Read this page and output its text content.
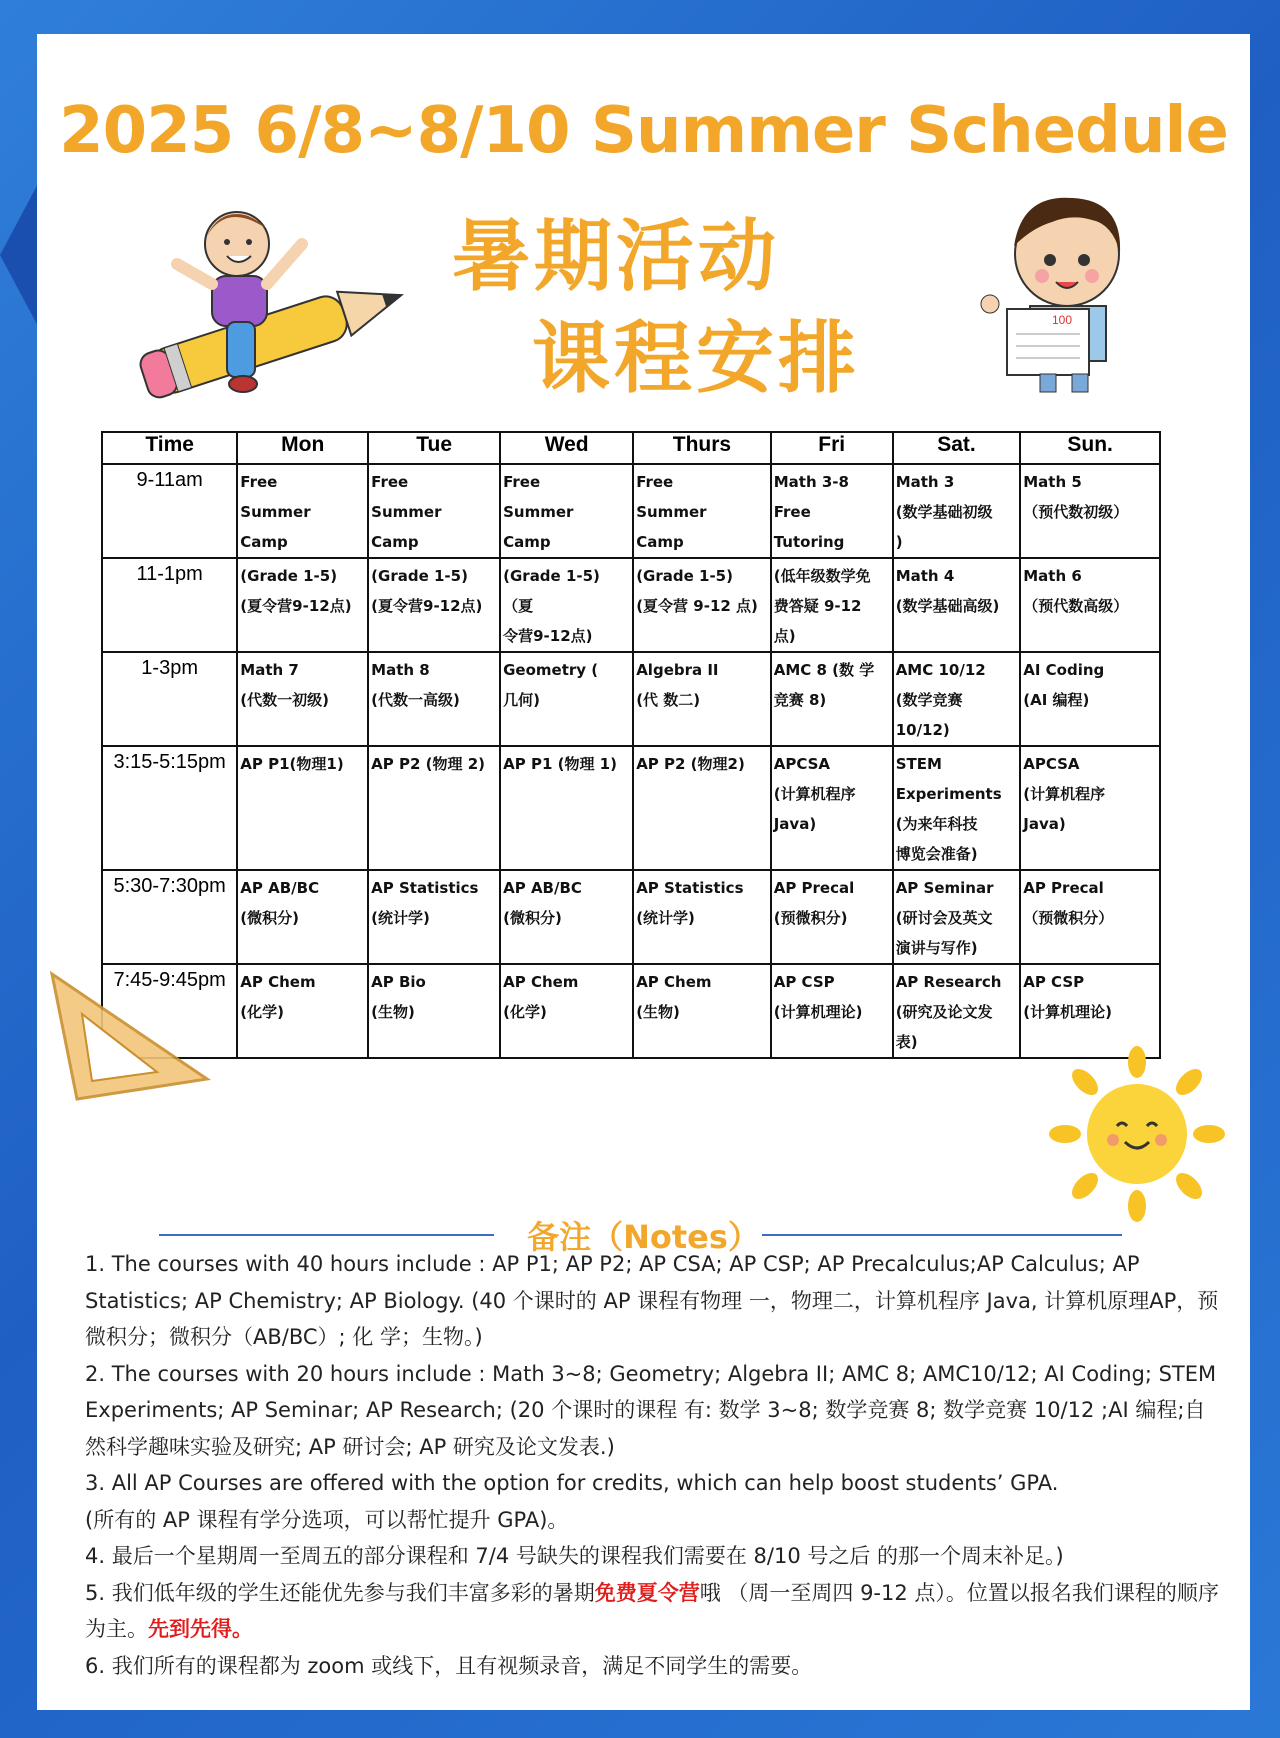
2025 6/8~8/10 Summer Schedule
暑期活动
课程安排	100
Time	Mon	Tue	Wed	Thurs	Fri	Sat.	Sun.
9-11am	Free
Summer
Camp	Free
Summer
Camp	Free
Summer
Camp	Free
Summer
Camp	Math 3-8
Free
Tutoring	Math 3
(数学基础初级
)	Math 5
（预代数初级）

11-1pm	(Grade 1-5)
(夏令营9-12点)	(Grade 1-5)
(夏令营9-12点)	(Grade 1-5) （夏
令营9-12点)	(Grade 1-5)
(夏令营 9-12 点)	(低年级数学免
费答疑 9-12
点)	Math 4
(数学基础高级)	Math 6
（预代数高级）

1-3pm	Math 7
(代数一初级)	Math 8
(代数一高级)	Geometry (
几何)	Algebra II
(代 数二)	AMC 8 (数 学
竞赛 8)	AMC 10/12
(数学竞赛
10/12)	AI Coding
(AI 编程)

3:15-5:15pm	AP P1(物理1)	AP P2 (物理 2)	AP P1 (物理 1)	AP P2 (物理2)	APCSA
(计算机程序
Java)	STEM
Experiments
(为来年科技
博览会准备)	APCSA
(计算机程序
Java)

5:30-7:30pm	AP AB/BC
(微积分)	AP Statistics
(统计学)	AP AB/BC
(微积分)	AP Statistics
(统计学)	AP Precal
(预微积分)	AP Seminar
(研讨会及英文
演讲与写作)	AP Precal
（预微积分）

7:45-9:45pm	AP Chem
(化学)	AP Bio
(生物)	AP Chem
(化学)	AP Chem
(生物)	AP CSP
(计算机理论)	AP Research
(研究及论文发
表)	AP CSP
(计算机理论)
备注（Notes）

1. The courses with 40 hours include : AP P1; AP P2; AP CSA; AP CSP; AP Precalculus;AP Calculus; AP Statistics; AP Chemistry; AP Biology. (40 个课时的 AP 课程有物理 一，物理二，计算机程序 Java, 计算机原理AP，预微积分；微积分（AB/BC）; 化 学；生物。)

2. The courses with 20 hours include : Math 3~8; Geometry; Algebra II; AMC 8; AMC10/12; AI Coding; STEM Experiments; AP Seminar; AP Research; (20 个课时的课程 有: 数学 3~8; 数学竞赛 8; 数学竞赛 10/12 ;AI 编程;自然科学趣味实验及研究; AP 研讨会; AP 研究及论文发表.)

3. All AP Courses are offered with the option for credits, which can help boost students’ GPA.

(所有的 AP 课程有学分选项，可以帮忙提升 GPA)。

4. 最后一个星期周一至周五的部分课程和 7/4 号缺失的课程我们需要在 8/10 号之后 的那一个周末补足。)

5. 我们低年级的学生还能优先参与我们丰富多彩的暑期免费夏令营哦 （周一至周四 9-12 点）。位置以报名我们课程的顺序为主。先到先得。

6. 我们所有的课程都为 zoom 或线下，且有视频录音，满足不同学生的需要。
